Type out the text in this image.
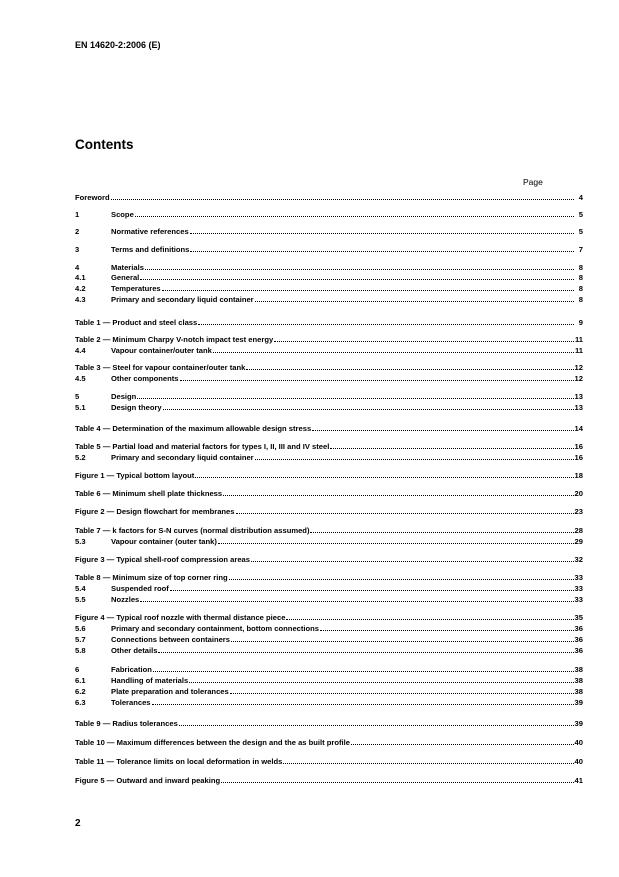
EN 14620-2:2006 (E)
Contents
Page
Foreword	4
1	Scope	5
2	Normative references	5
3	Terms and definitions	7
4	Materials	8
4.1	General	8
4.2	Temperatures	8
4.3	Primary and secondary liquid container	8
Table 1 — Product and steel class	9
Table 2 — Minimum Charpy V-notch impact test energy	11
4.4	Vapour container/outer tank	11
Table 3 — Steel for vapour container/outer tank	12
4.5	Other components	12
5	Design	13
5.1	Design theory	13
Table 4 — Determination of the maximum allowable design stress	14
Table 5 — Partial load and material factors for types I, II, III and IV steel	16
5.2	Primary and secondary liquid container	16
Figure 1 — Typical bottom layout	18
Table 6 — Minimum shell plate thickness	20
Figure 2 — Design flowchart for membranes	23
Table 7 — k factors for S-N curves (normal distribution assumed)	28
5.3	Vapour container (outer tank)	29
Figure 3 — Typical shell-roof compression areas	32
Table 8 — Minimum size of top corner ring	33
5.4	Suspended roof	33
5.5	Nozzles	33
Figure 4 — Typical roof nozzle with thermal distance piece	35
5.6	Primary and secondary containment, bottom connections	36
5.7	Connections between containers	36
5.8	Other details	36
6	Fabrication	38
6.1	Handling of materials	38
6.2	Plate preparation and tolerances	38
6.3	Tolerances	39
Table 9 — Radius tolerances	39
Table 10 — Maximum differences between the design and the as built profile	40
Table 11 — Tolerance limits on local deformation in welds	40
Figure 5 — Outward and inward peaking	41
2
